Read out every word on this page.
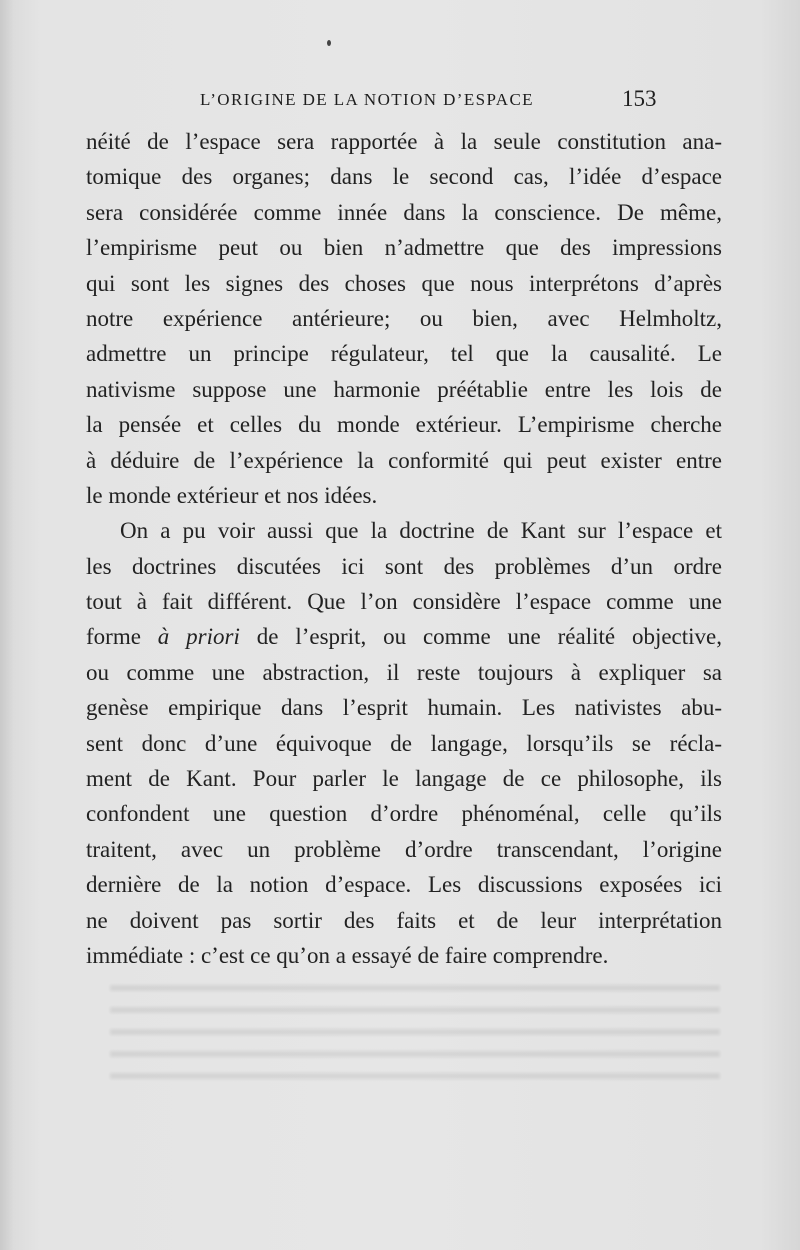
L’ORIGINE DE LA NOTION D’ESPACE	153
néité de l’espace sera rapportée à la seule constitution ana-
tomique des organes; dans le second cas, l’idée d’espace
sera considérée comme innée dans la conscience. De même,
l’empirisme peut ou bien n’admettre que des impressions
qui sont les signes des choses que nous interprétons d’après
notre expérience antérieure; ou bien, avec Helmholtz,
admettre un principe régulateur, tel que la causalité. Le
nativisme suppose une harmonie préétablie entre les lois de
la pensée et celles du monde extérieur. L’empirisme cherche
à déduire de l’expérience la conformité qui peut exister entre
le monde extérieur et nos idées.
On a pu voir aussi que la doctrine de Kant sur l’espace et
les doctrines discutées ici sont des problèmes d’un ordre
tout à fait différent. Que l’on considère l’espace comme une
forme à priori de l’esprit, ou comme une réalité objective,
ou comme une abstraction, il reste toujours à expliquer sa
genèse empirique dans l’esprit humain. Les nativistes abu-
sent donc d’une équivoque de langage, lorsqu’ils se récla-
ment de Kant. Pour parler le langage de ce philosophe, ils
confondent une question d’ordre phénoménal, celle qu’ils
traitent, avec un problème d’ordre transcendant, l’origine
dernière de la notion d’espace. Les discussions exposées ici
ne doivent pas sortir des faits et de leur interprétation
immédiate : c’est ce qu’on a essayé de faire comprendre.
